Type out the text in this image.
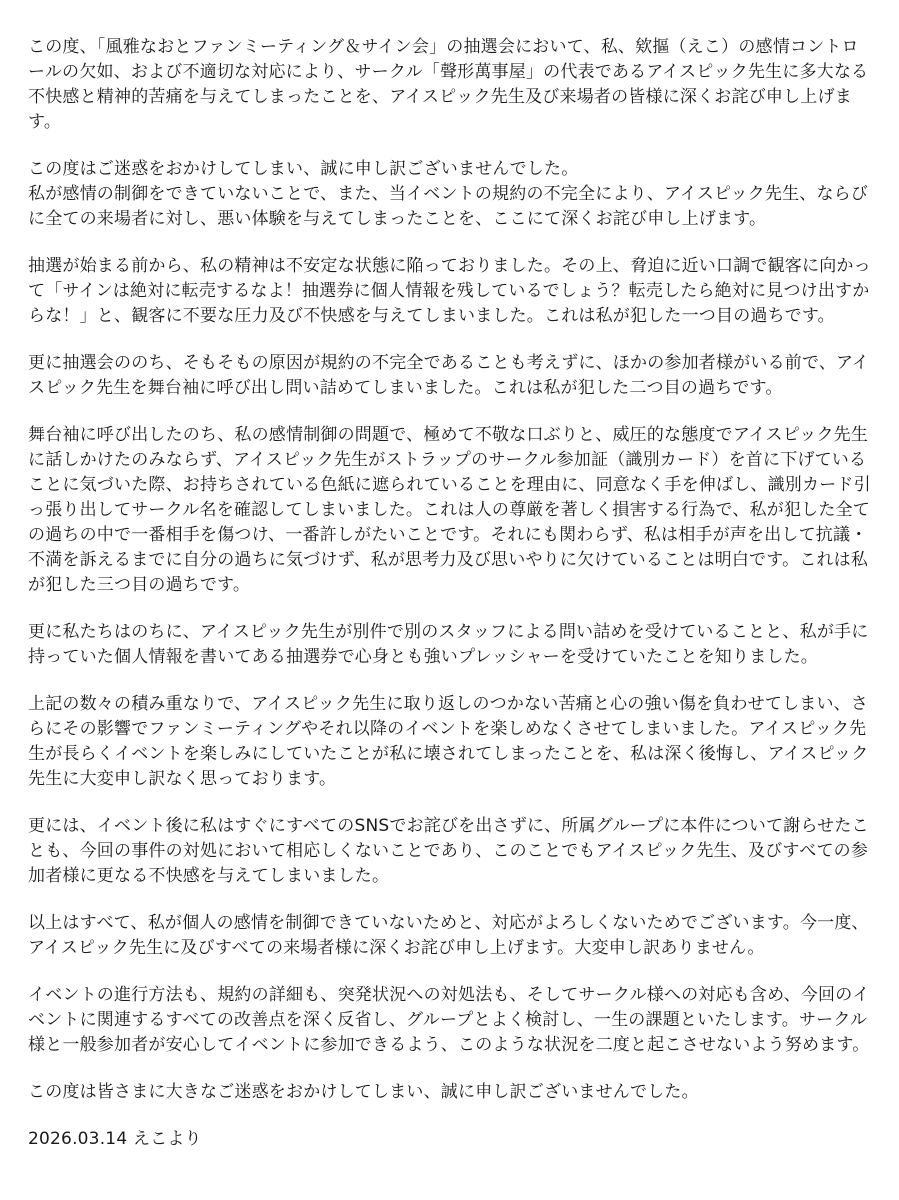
この度、「風雅なおとファンミーティング＆サイン会」の抽選会において、私、欸摳（えこ）の感情コントロールの欠如、および不適切な対応により、サークル「聲形萬事屋」の代表であるアイスピック先生に多大なる不快感と精神的苦痛を与えてしまったことを、アイスピック先生及び来場者の皆様に深くお詫び申し上げます。

この度はご迷惑をおかけしてしまい、誠に申し訳ございませんでした。
私が感情の制御をできていないことで、また、当イベントの規約の不完全により、アイスピック先生、ならびに全ての来場者に対し、悪い体験を与えてしまったことを、ここにて深くお詫び申し上げます。

抽選が始まる前から、私の精神は不安定な状態に陥っておりました。その上、脅迫に近い口調で観客に向かって「サインは絶対に転売するなよ！抽選券に個人情報を残しているでしょう？転売したら絶対に見つけ出すからな！」と、観客に不要な圧力及び不快感を与えてしまいました。これは私が犯した一つ目の過ちです。

更に抽選会ののち、そもそもの原因が規約の不完全であることも考えずに、ほかの参加者様がいる前で、アイスピック先生を舞台袖に呼び出し問い詰めてしまいました。これは私が犯した二つ目の過ちです。

舞台袖に呼び出したのち、私の感情制御の問題で、極めて不敬な口ぶりと、威圧的な態度でアイスピック先生に話しかけたのみならず、アイスピック先生がストラップのサークル参加証（識別カード）を首に下げていることに気づいた際、お持ちされている色紙に遮られていることを理由に、同意なく手を伸ばし、識別カード引っ張り出してサークル名を確認してしまいました。これは人の尊厳を著しく損害する行為で、私が犯した全ての過ちの中で一番相手を傷つけ、一番許しがたいことです。それにも関わらず、私は相手が声を出して抗議・不満を訴えるまでに自分の過ちに気づけず、私が思考力及び思いやりに欠けていることは明白です。これは私が犯した三つ目の過ちです。

更に私たちはのちに、アイスピック先生が別件で別のスタッフによる問い詰めを受けていることと、私が手に持っていた個人情報を書いてある抽選券で心身とも強いプレッシャーを受けていたことを知りました。

上記の数々の積み重なりで、アイスピック先生に取り返しのつかない苦痛と心の強い傷を負わせてしまい、さらにその影響でファンミーティングやそれ以降のイベントを楽しめなくさせてしまいました。アイスピック先生が長らくイベントを楽しみにしていたことが私に壊されてしまったことを、私は深く後悔し、アイスピック先生に大変申し訳なく思っております。

更には、イベント後に私はすぐにすべてのSNSでお詫びを出さずに、所属グループに本件について謝らせたことも、今回の事件の対処において相応しくないことであり、このことでもアイスピック先生、及びすべての参加者様に更なる不快感を与えてしまいました。

以上はすべて、私が個人の感情を制御できていないためと、対応がよろしくないためでございます。今一度、アイスピック先生に及びすべての来場者様に深くお詫び申し上げます。大変申し訳ありません。

イベントの進行方法も、規約の詳細も、突発状況への対処法も、そしてサークル様への対応も含め、今回のイベントに関連するすべての改善点を深く反省し、グループとよく検討し、一生の課題といたします。サークル様と一般参加者が安心してイベントに参加できるよう、このような状況を二度と起こさせないよう努めます。

この度は皆さまに大きなご迷惑をおかけしてしまい、誠に申し訳ございませんでした。

2026.03.14 えこより
